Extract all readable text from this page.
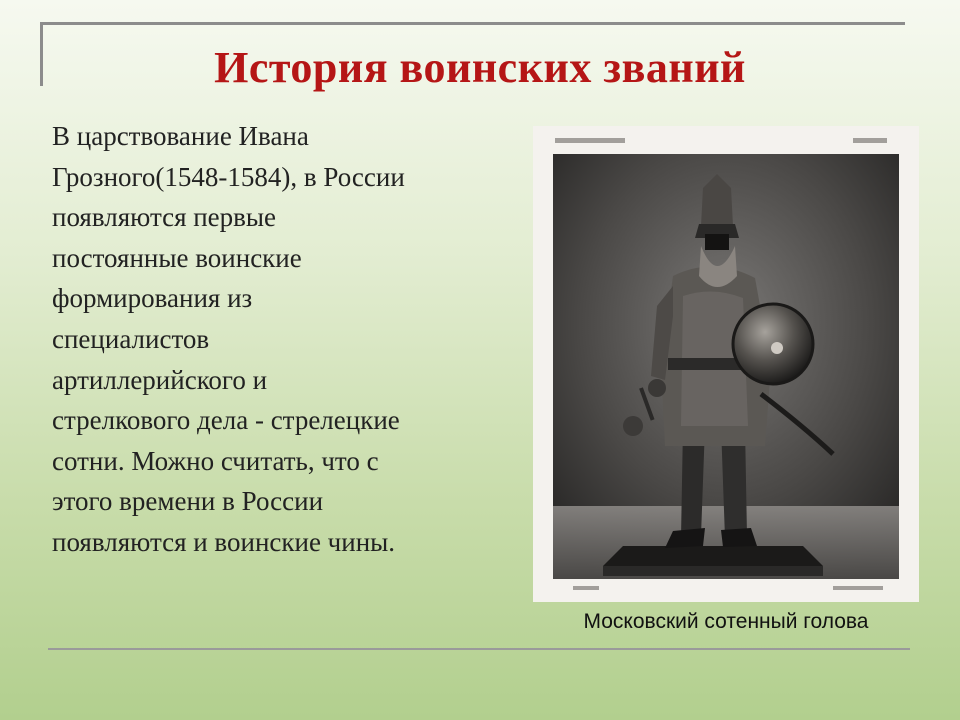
История воинских званий
В царствование Ивана
Грозного(1548-1584), в России
появляются первые
постоянные воинские
формирования из
специалистов
артиллерийского и
стрелкового дела - стрелецкие
сотни. Можно считать, что с
этого времени в России
появляются и воинские чины.
Московский сотенный голова
